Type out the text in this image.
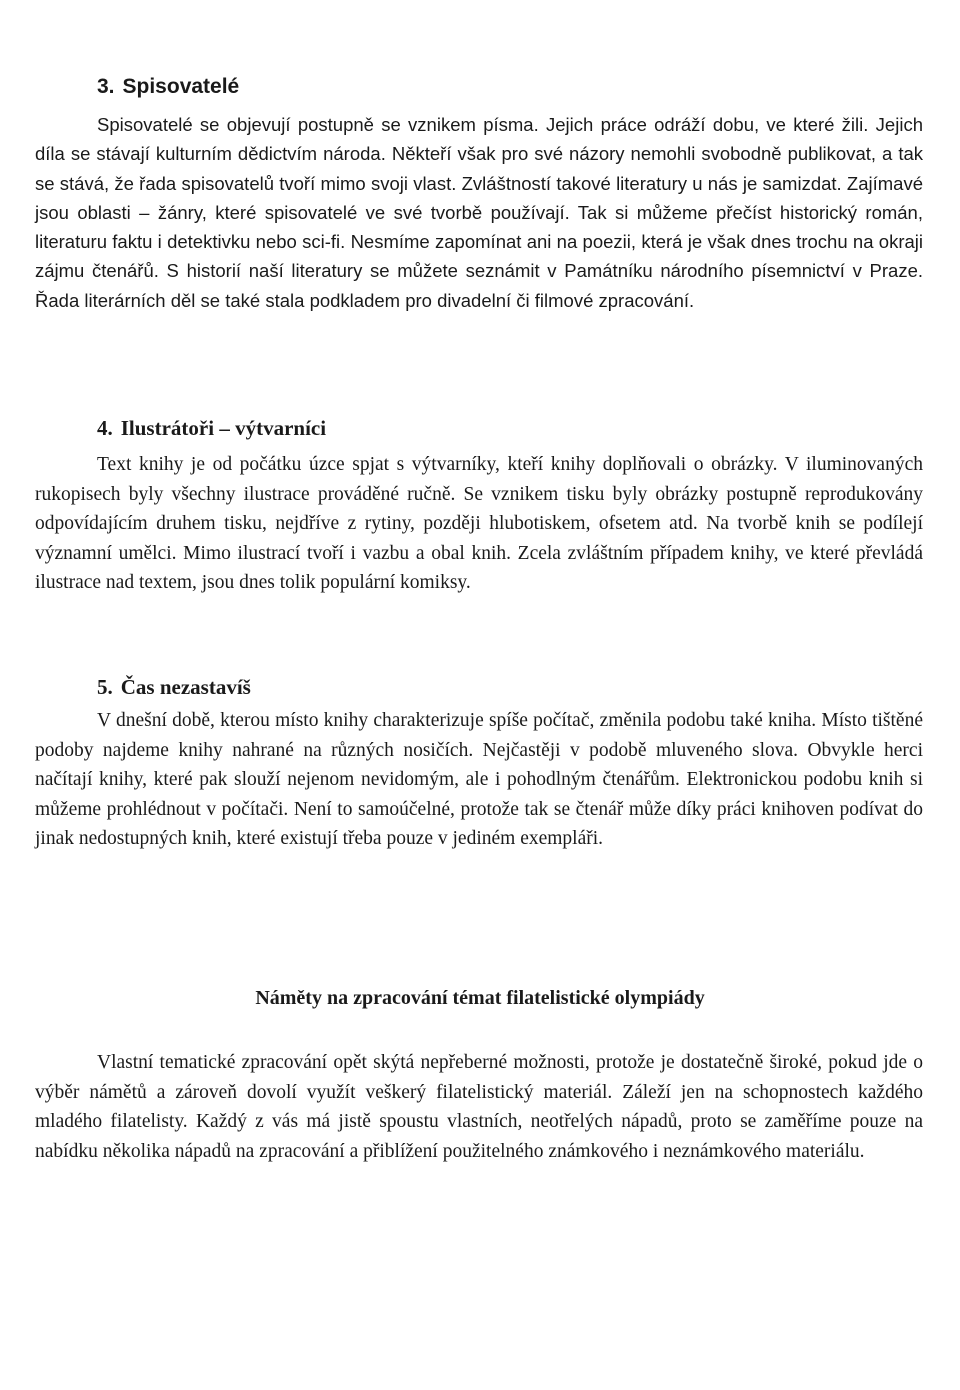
3. Spisovatelé

Spisovatelé se objevují postupně se vznikem písma. Jejich práce odráží dobu, ve které žili. Jejich díla se stávají kulturním dědictvím národa. Někteří však pro své názory nemohli svobodně publikovat, a tak se stává, že řada spisovatelů tvoří mimo svoji vlast. Zvláštností takové literatury u nás je samizdat. Zajímavé jsou oblasti – žánry, které spisovatelé ve své tvorbě používají. Tak si můžeme přečíst historický román, literaturu faktu i detektivku nebo sci-fi. Nesmíme zapomínat ani na poezii, která je však dnes trochu na okraji zájmu čtenářů. S historií naší literatury se můžete seznámit v Památníku národního písemnictví v Praze. Řada literárních děl se také stala podkladem pro divadelní či filmové zpracování.

4. Ilustrátoři – výtvarníci

Text knihy je od počátku úzce spjat s výtvarníky, kteří knihy doplňovali o obrázky. V iluminovaných rukopisech byly všechny ilustrace prováděné ručně. Se vznikem tisku byly obrázky postupně reprodukovány odpovídajícím druhem tisku, nejdříve z rytiny, později hlubotiskem, ofsetem atd. Na tvorbě knih se podílejí významní umělci. Mimo ilustrací tvoří i vazbu a obal knih. Zcela zvláštním případem knihy, ve které převládá ilustrace nad textem, jsou dnes tolik populární komiksy.

5. Čas nezastavíš

V dnešní době, kterou místo knihy charakterizuje spíše počítač, změnila podobu také kniha. Místo tištěné podoby najdeme knihy nahrané na různých nosičích. Nejčastěji v podobě mluveného slova. Obvykle herci načítají knihy, které pak slouží nejenom nevidomým, ale i pohodlným čtenářům. Elektronickou podobu knih si můžeme prohlédnout v počítači. Není to samoúčelné, protože tak se čtenář může díky práci knihoven podívat do jinak nedostupných knih, které existují třeba pouze v jediném exempláři.

Náměty na zpracování témat filatelistické olympiády

Vlastní tematické zpracování opět skýtá nepřeberné možnosti, protože je dostatečně široké, pokud jde o výběr námětů a zároveň dovolí využít veškerý filatelistický materiál. Záleží jen na schopnostech každého mladého filatelisty. Každý z vás má jistě spoustu vlastních, neotřelých nápadů, proto se zaměříme pouze na nabídku několika nápadů na zpracování a přiblížení použitelného známkového i neznámkového materiálu.
